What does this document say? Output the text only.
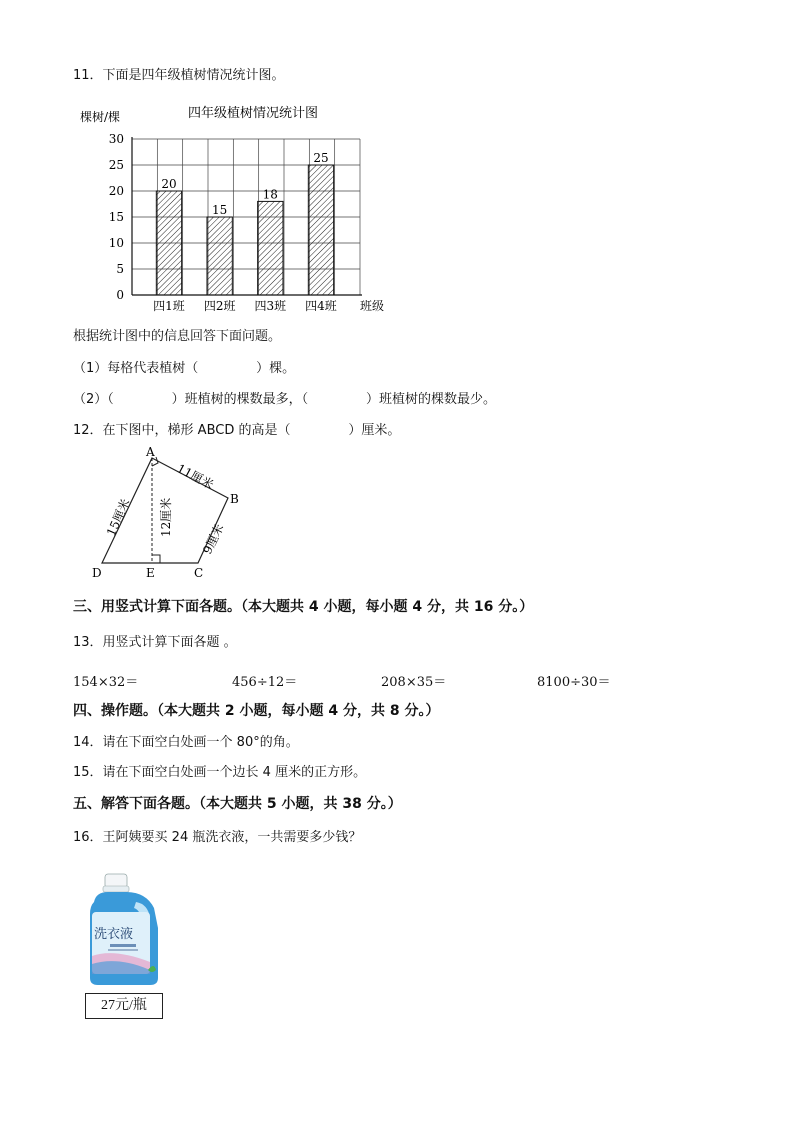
11．下面是四年级植树情况统计图。
四年级植树情况统计图
棵树/棵
班级
20
15
18
25
0
5
10
15
20
25
30
四1班 四2班 四3班 四4班
根据统计图中的信息回答下面问题。
（1）每格代表植树（              ）棵。
（2）（              ）班植树的棵数最多，（              ）班植树的棵数最少。
12．在下图中，梯形 ABCD 的高是（              ）厘米。
A
B
C
D	E
11厘米
15厘米 12厘米
9厘米
三、用竖式计算下面各题。（本大题共 4 小题，每小题 4 分，共 16 分。）
13．用竖式计算下面各题 。
154×32＝	456÷12＝	208×35＝	8100÷30＝
四、操作题。（本大题共 2 小题，每小题 4 分，共 8 分。）
14．请在下面空白处画一个 80°的角。
15．请在下面空白处画一个边长 4 厘米的正方形。
五、解答下面各题。（本大题共 5 小题，共 38 分。）
16．王阿姨要买 24 瓶洗衣液，一共需要多少钱？
洗衣液
27元/瓶
